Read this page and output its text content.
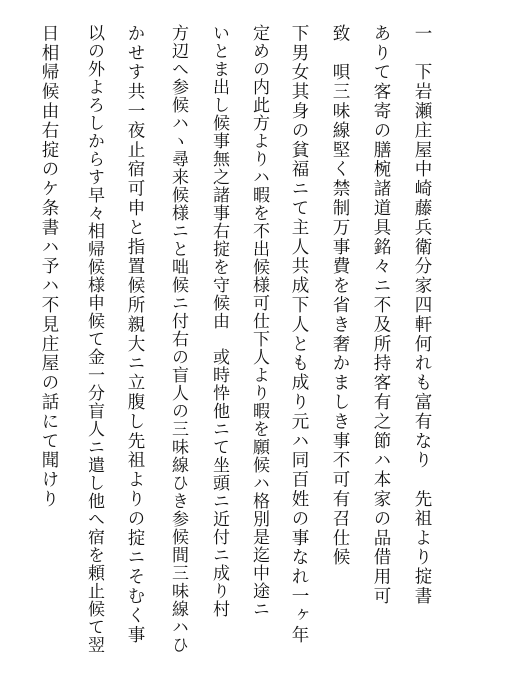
一　下岩瀬庄屋中崎藤兵衛分家四軒何れも富有なり　先祖より掟書

ありて客寄の膳椀諸道具銘々ニ不及所持客有之節ハ本家の品借用可

致　唄三味線堅く禁制万事費を省き奢かましき事不可有召仕候

下男女其身の貧福ニて主人共成下人とも成り元ハ同百姓の事なれ一ヶ年

定めの内此方よりハ暇を不出候様可仕下人より暇を願候ハ格別是迄中途ニ

いとま出し候事無之諸事右掟を守候由　或時忰他ニて坐頭ニ近付ニ成り村

方辺へ参候ハヽ尋来候様ニと咄候ニ付右の盲人の三味線ひき参候間三味線ハひ

かせす共一夜止宿可申と指置候所親大ニ立腹し先祖よりの掟ニそむく事

以の外よろしからす早々相帰候様申候て金一分盲人ニ遣し他へ宿を頼止候て翌

日相帰候由右掟のケ条書ハ予ハ不見庄屋の話にて聞けり
